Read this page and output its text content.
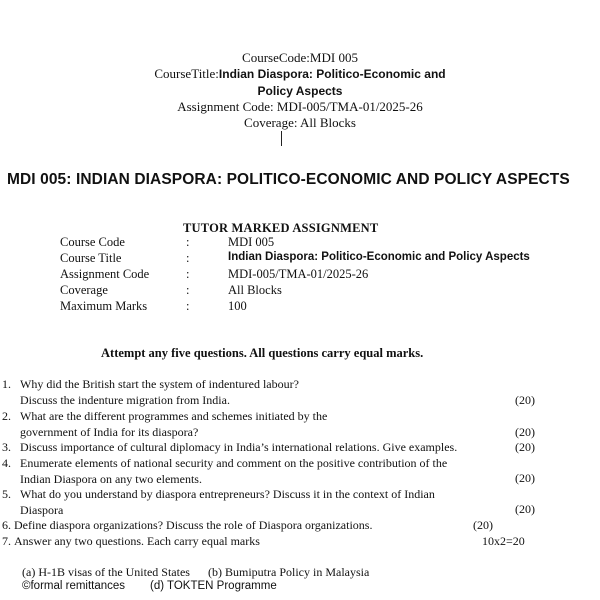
CourseCode:MDI 005
CourseTitle:Indian Diaspora: Politico-Economic and
Policy Aspects
Assignment Code: MDI-005/TMA-01/2025-26
Coverage: All Blocks
MDI 005: INDIAN DIASPORA: POLITICO-ECONOMIC AND POLICY ASPECTS
TUTOR MARKED ASSIGNMENT
Course Code	:	MDI 005
Course Title	:	Indian Diaspora: Politico-Economic and Policy Aspects
Assignment Code	:	MDI-005/TMA-01/2025-26
Coverage	:	All Blocks
Maximum Marks	:	100
Attempt any five questions. All questions carry equal marks.
1. Why did the British start the system of indentured labour?
Discuss the indenture migration from India.	(20)
2. What are the different programmes and schemes initiated by the
government of India for its diaspora?	(20)
3. Discuss importance of cultural diplomacy in India’s international relations. Give examples.	(20)
4. Enumerate elements of national security and comment on the positive contribution of the
Indian Diaspora on any two elements.	(20)
5. What do you understand by diaspora entrepreneurs? Discuss it in the context of Indian
Diaspora	(20)
6. Define diaspora organizations? Discuss the role of Diaspora organizations.	(20)
7. Answer any two questions. Each carry equal marks	10x2=20
(a) H-1B visas of the United States (b) Bumiputra Policy in Malaysia
©formal remittances (d) TOKTEN Programme
